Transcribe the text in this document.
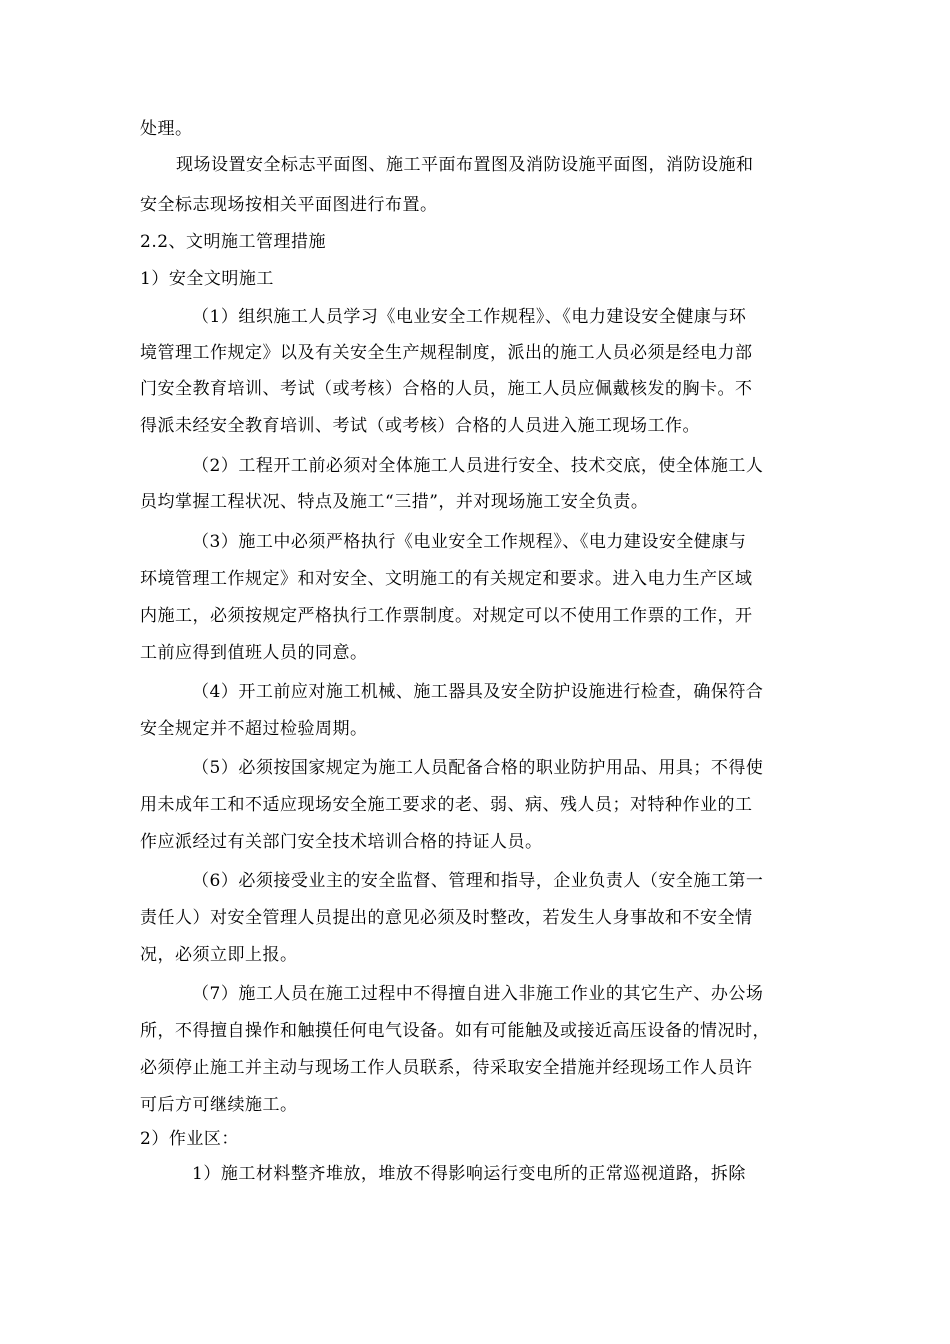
处理。
现场设置安全标志平面图、施工平面布置图及消防设施平面图，消防设施和
安全标志现场按相关平面图进行布置。
2.2、文明施工管理措施
1）安全文明施工
（1）组织施工人员学习《电业安全工作规程》、《电力建设安全健康与环
境管理工作规定》以及有关安全生产规程制度，派出的施工人员必须是经电力部
门安全教育培训、考试（或考核）合格的人员，施工人员应佩戴核发的胸卡。不
得派未经安全教育培训、考试（或考核）合格的人员进入施工现场工作。
（2）工程开工前必须对全体施工人员进行安全、技术交底，使全体施工人
员均掌握工程状况、特点及施工“三措”，并对现场施工安全负责。
（3）施工中必须严格执行《电业安全工作规程》、《电力建设安全健康与
环境管理工作规定》和对安全、文明施工的有关规定和要求。进入电力生产区域
内施工，必须按规定严格执行工作票制度。对规定可以不使用工作票的工作，开
工前应得到值班人员的同意。
（4）开工前应对施工机械、施工器具及安全防护设施进行检查，确保符合
安全规定并不超过检验周期。
（5）必须按国家规定为施工人员配备合格的职业防护用品、用具；不得使
用未成年工和不适应现场安全施工要求的老、弱、病、残人员；对特种作业的工
作应派经过有关部门安全技术培训合格的持证人员。
（6）必须接受业主的安全监督、管理和指导，企业负责人（安全施工第一
责任人）对安全管理人员提出的意见必须及时整改，若发生人身事故和不安全情
况，必须立即上报。
（7）施工人员在施工过程中不得擅自进入非施工作业的其它生产、办公场
所，不得擅自操作和触摸任何电气设备。如有可能触及或接近高压设备的情况时，
必须停止施工并主动与现场工作人员联系，待采取安全措施并经现场工作人员许
可后方可继续施工。
2）作业区：
1）施工材料整齐堆放，堆放不得影响运行变电所的正常巡视道路，拆除
